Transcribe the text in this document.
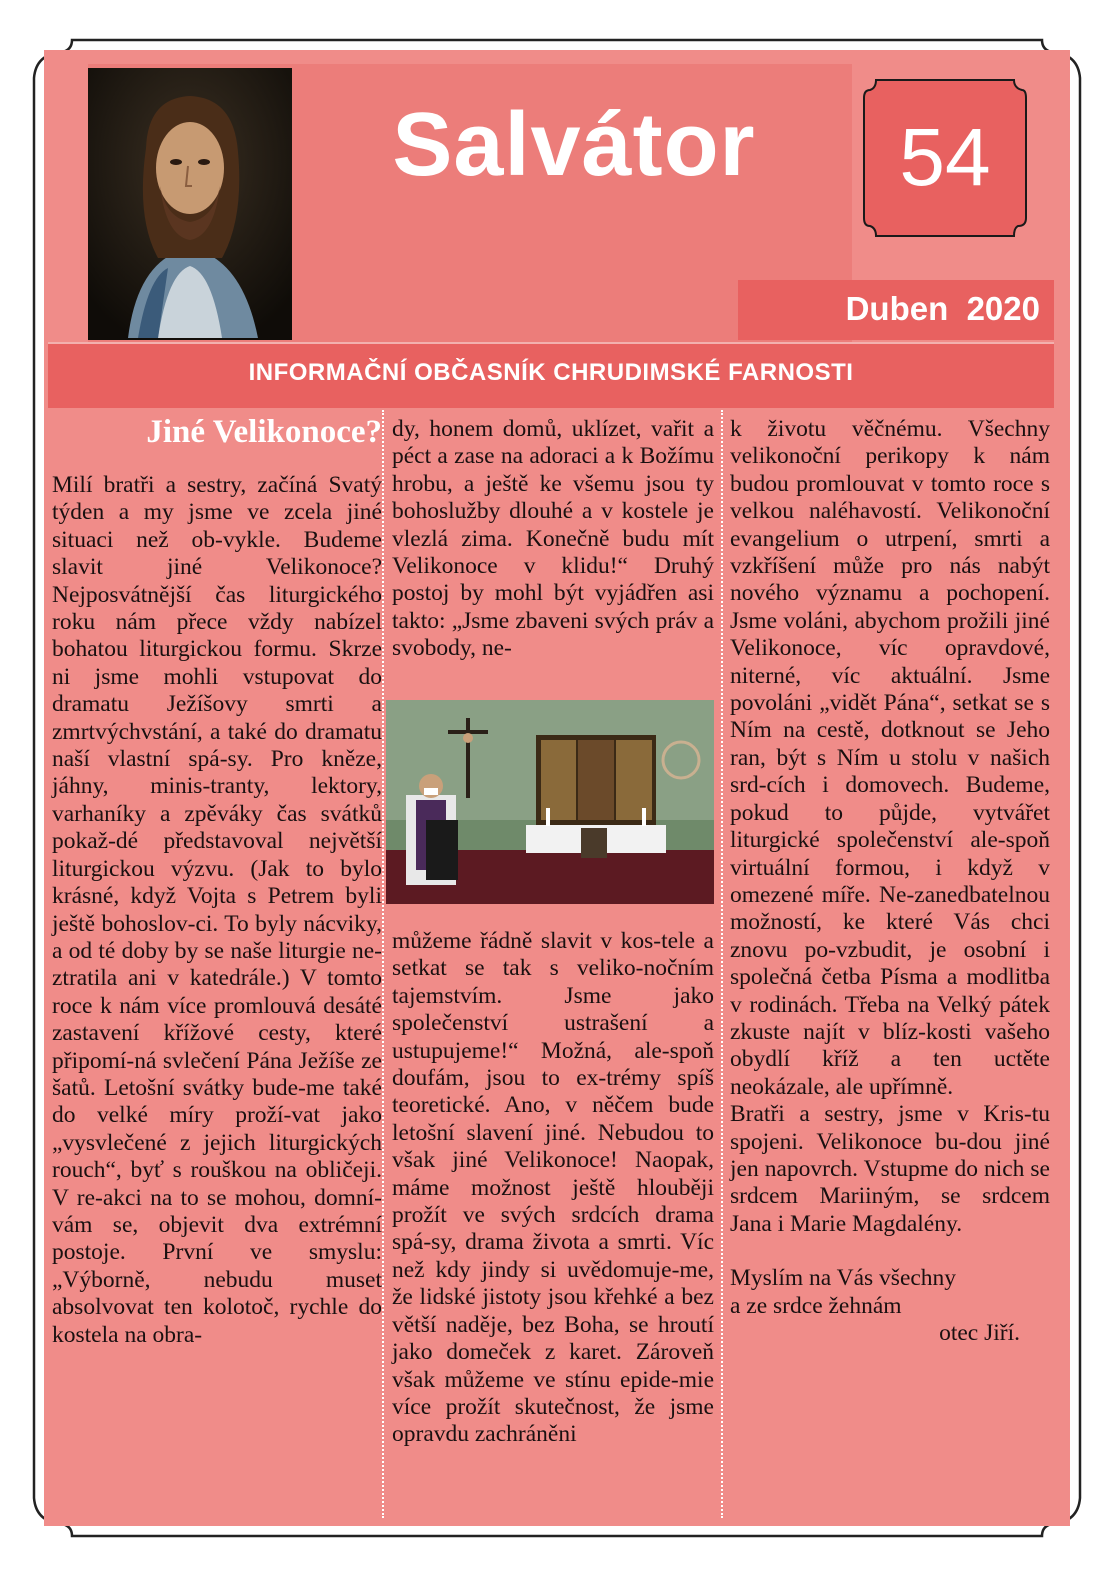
Salvátor	54
Duben  2020
INFORMAČNÍ OBČASNÍK CHRUDIMSKÉ FARNOSTI
Jiné Velikonoce?

Milí bratři a sestry, začíná Svatý týden a my jsme ve zcela jiné situaci než ob-vykle. Budeme slavit jiné Velikonoce? Nejposvátnější čas liturgického roku nám přece vždy nabízel bohatou liturgickou formu. Skrze ni jsme mohli vstupovat do dramatu Ježíšovy smrti a zmrtvýchvstání, a také do dramatu naší vlastní spá-sy. Pro kněze, jáhny, minis-tranty, lektory, varhaníky a zpěváky čas svátků pokaž-dé představoval největší liturgickou výzvu. (Jak to bylo krásné, když Vojta s Petrem byli ještě bohoslov-ci. To byly nácviky, a od té doby by se naše liturgie ne-ztratila ani v katedrále.) V tomto roce k nám více promlouvá desáté zastavení křížové cesty, které připomí-ná svlečení Pána Ježíše ze šatů. Letošní svátky bude-me také do velké míry proží-vat jako „vysvlečené z jejich liturgických rouch“, byť s rouškou na obličeji. V re-akci na to se mohou, domní-vám se, objevit dva extrémní postoje. První ve smyslu: „Výborně, nebudu muset absolvovat ten kolotoč, rychle do kostela na obra-

dy, honem domů, uklízet, vařit a péct a zase na adoraci a k Božímu hrobu, a ještě ke všemu jsou ty bohoslužby dlouhé a v kostele je vlezlá zima. Konečně budu mít Velikonoce v klidu!“ Druhý postoj by mohl být vyjádřen asi takto: „Jsme zbaveni svých práv a svobody, ne-

můžeme řádně slavit v kos-tele a setkat se tak s veliko-nočním tajemstvím. Jsme jako společenství ustrašení a ustupujeme!“ Možná, ale-spoň doufám, jsou to ex-trémy spíš teoretické. Ano, v něčem bude letošní slavení jiné. Nebudou to však jiné Velikonoce! Naopak, máme možnost ještě hlouběji prožít ve svých srdcích drama spá-sy, drama života a smrti. Víc než kdy jindy si uvědomuje-me, že lidské jistoty jsou křehké a bez větší naděje, bez Boha, se hroutí jako domeček z karet. Zároveň však můžeme ve stínu epide-mie více prožít skutečnost, že jsme opravdu zachráněni

k životu věčnému. Všechny velikonoční perikopy k nám budou promlouvat v tomto roce s velkou naléhavostí. Velikonoční evangelium o utrpení, smrti a vzkříšení může pro nás nabýt nového významu a pochopení. Jsme voláni, abychom prožili jiné Velikonoce, víc opravdové, niterné, víc aktuální. Jsme povoláni „vidět Pána“, setkat se s Ním na cestě, dotknout se Jeho ran, být s Ním u stolu v našich srd-cích i domovech. Budeme, pokud to půjde, vytvářet liturgické společenství ale-spoň virtuální formou, i když v omezené míře. Ne-zanedbatelnou možností, ke které Vás chci znovu po-vzbudit, je osobní i společná četba Písma a modlitba v rodinách. Třeba na Velký pátek zkuste najít v blíz-kosti vašeho obydlí kříž a ten uctěte neokázale, ale upřímně.

Bratři a sestry, jsme v Kris-tu spojeni. Velikonoce bu-dou jiné jen napovrch. Vstupme do nich se srdcem Mariiným, se srdcem Jana i Marie Magdalény.

Myslím na Vás všechny

a ze srdce žehnám

otec Jiří.
